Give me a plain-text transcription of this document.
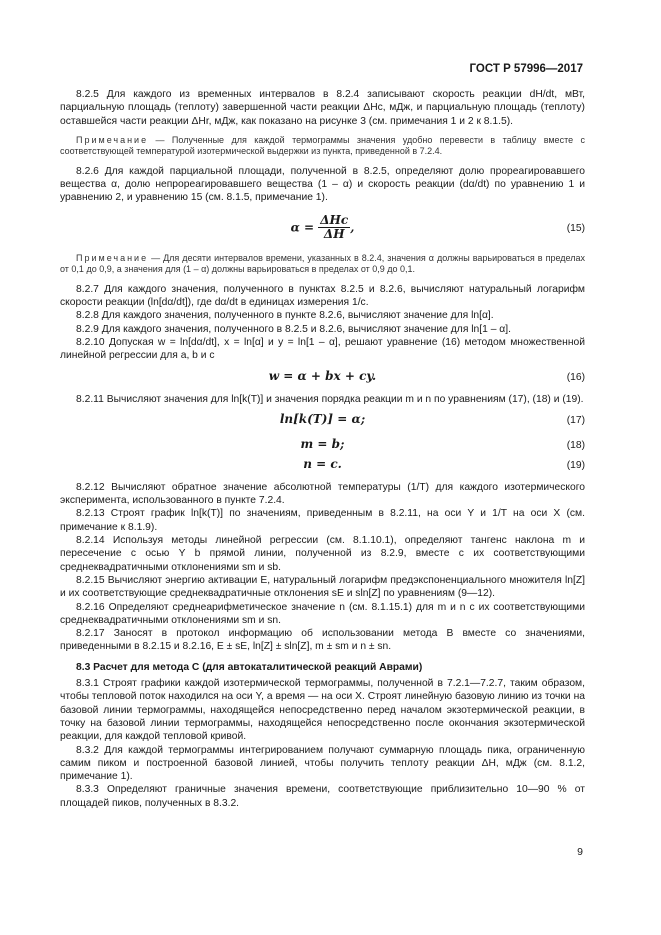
ГОСТ Р 57996—2017

8.2.5 Для каждого из временных интервалов в 8.2.4 записывают скорость реакции dH/dt, мВт, парциальную площадь (теплоту) завершенной части реакции ΔHс, мДж, и парциальную площадь (теплоту) оставшейся части реакции ΔHr, мДж, как показано на рисунке 3 (см. примечания 1 и 2 к 8.1.5).

Примечание — Полученные для каждой термограммы значения удобно перевести в таблицу вместе с соответствующей температурой изотермической выдержки из пункта, приведенной в 7.2.4.

8.2.6 Для каждой парциальной площади, полученной в 8.2.5, определяют долю прореагировавшего вещества α, долю непрореагировавшего вещества (1 – α) и скорость реакции (dα/dt) по уравнению 1 и уравнению 2, и уравнению 15 (см. 8.1.5, примечание 1).

$\alpha = \frac{\text{ΔHс}}{\Delta H}$ ,	(15)

Примечание — Для десяти интервалов времени, указанных в 8.2.4, значения α должны варьироваться в пределах от 0,1 до 0,9, а значения для (1 – α) должны варьироваться в пределах от 0,9 до 0,1.

8.2.7 Для каждого значения, полученного в пунктах 8.2.5 и 8.2.6, вычисляют натуральный логарифм скорости реакции (ln[dα/dt]), где dα/dt в единицах измерения 1/с.

8.2.8 Для каждого значения, полученного в пункте 8.2.6, вычисляют значение для ln[α].

8.2.9 Для каждого значения, полученного в 8.2.5 и 8.2.6, вычисляют значение для ln[1 – α].

8.2.10 Допуская w = ln[dα/dt], x = ln[α] и y = ln[1 – α], решают уравнение (16) методом множественной линейной регрессии для a, b и c

w = α + bx + cy.	(16)

8.2.11 Вычисляют значения для ln[k(T)] и значения порядка реакции m и n по уравнениям (17), (18) и (19).

ln[k(T)] = α;	(17)
m = b;	(18)
n = c.	(19)

8.2.12 Вычисляют обратное значение абсолютной температуры (1/T) для каждого изотермического эксперимента, использованного в пункте 7.2.4.

8.2.13 Строят график ln[k(T)] по значениям, приведенным в 8.2.11, на оси Y и 1/T на оси X (см. примечание к 8.1.9).

8.2.14 Используя методы линейной регрессии (см. 8.1.10.1), определяют тангенс наклона m и пересечение с осью Y b прямой линии, полученной из 8.2.9, вместе с их соответствующими среднеквадратичными отклонениями sm и sb.

8.2.15 Вычисляют энергию активации E, натуральный логарифм предэкспоненциального множителя ln[Z] и их соответствующие среднеквадратичные отклонения sE и sln[Z] по уравнениям (9—12).

8.2.16 Определяют среднеарифметическое значение n (см. 8.1.15.1) для m и n с их соответствующими среднеквадратичными отклонениями sm и sn.

8.2.17 Заносят в протокол информацию об использовании метода B вместе со значениями, приведенными в 8.2.15 и 8.2.16, E ± sE, ln[Z] ± sln[Z], m ± sm и n ± sn.

8.3 Расчет для метода C (для автокаталитической реакций Аврами)

8.3.1 Строят графики каждой изотермической термограммы, полученной в 7.2.1—7.2.7, таким образом, чтобы тепловой поток находился на оси Y, а время — на оси X. Строят линейную базовую линию из точки на базовой линии термограммы, находящейся непосредственно перед началом экзотермической реакции, в точку на базовой линии термограммы, находящейся непосредственно после окончания экзотермической реакции, для каждой тепловой кривой.

8.3.2 Для каждой термограммы интегрированием получают суммарную площадь пика, ограниченную самим пиком и построенной базовой линией, чтобы получить теплоту реакции ΔH, мДж (см. 8.1.2, примечание 1).

8.3.3 Определяют граничные значения времени, соответствующие приблизительно 10—90 % от площадей пиков, полученных в 8.3.2.

9
